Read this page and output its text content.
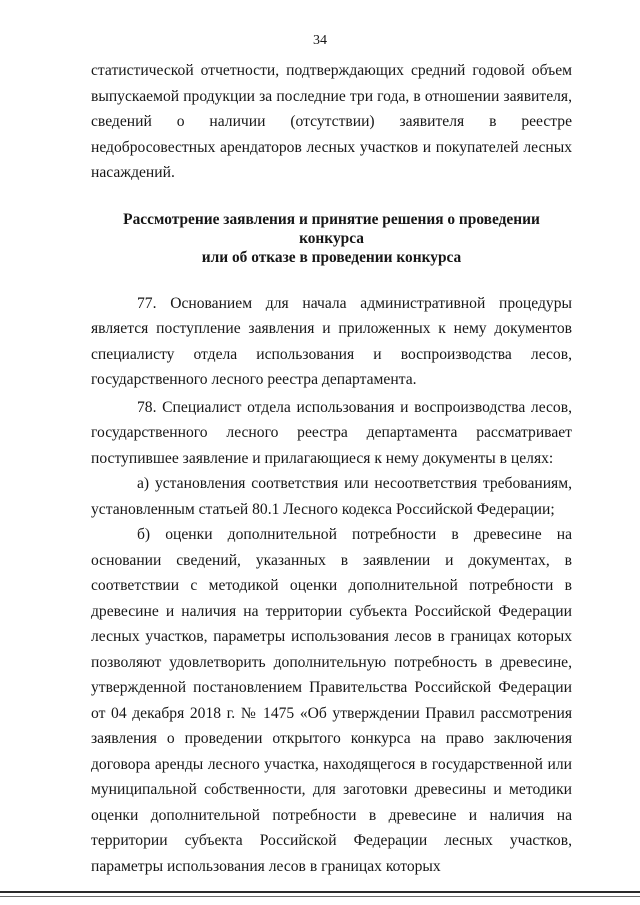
34

статистической отчетности, подтверждающих средний годовой объем выпускаемой продукции за последние три года, в отношении заявителя, сведений о наличии (отсутствии) заявителя в реестре недобросовестных арендаторов лесных участков и покупателей лесных насаждений.

Рассмотрение заявления и принятие решения о проведении конкурса
или об отказе в проведении конкурса

77. Основанием для начала административной процедуры является поступление заявления и приложенных к нему документов специалисту отдела использования и воспроизводства лесов, государственного лесного реестра департамента.

78. Специалист отдела использования и воспроизводства лесов, государственного лесного реестра департамента рассматривает поступившее заявление и прилагающиеся к нему документы в целях:

а) установления соответствия или несоответствия требованиям, установленным статьей 80.1 Лесного кодекса Российской Федерации;

б) оценки дополнительной потребности в древесине на основании сведений, указанных в заявлении и документах, в соответствии с методикой оценки дополнительной потребности в древесине и наличия на территории субъекта Российской Федерации лесных участков, параметры использования лесов в границах которых позволяют удовлетворить дополнительную потребность в древесине, утвержденной постановлением Правительства Российской Федерации от 04 декабря 2018 г. № 1475 «Об утверждении Правил рассмотрения заявления о проведении открытого конкурса на право заключения договора аренды лесного участка, находящегося в государственной или муниципальной собственности, для заготовки древесины и методики оценки дополнительной потребности в древесине и наличия на территории субъекта Российской Федерации лесных участков, параметры использования лесов в границах которых
